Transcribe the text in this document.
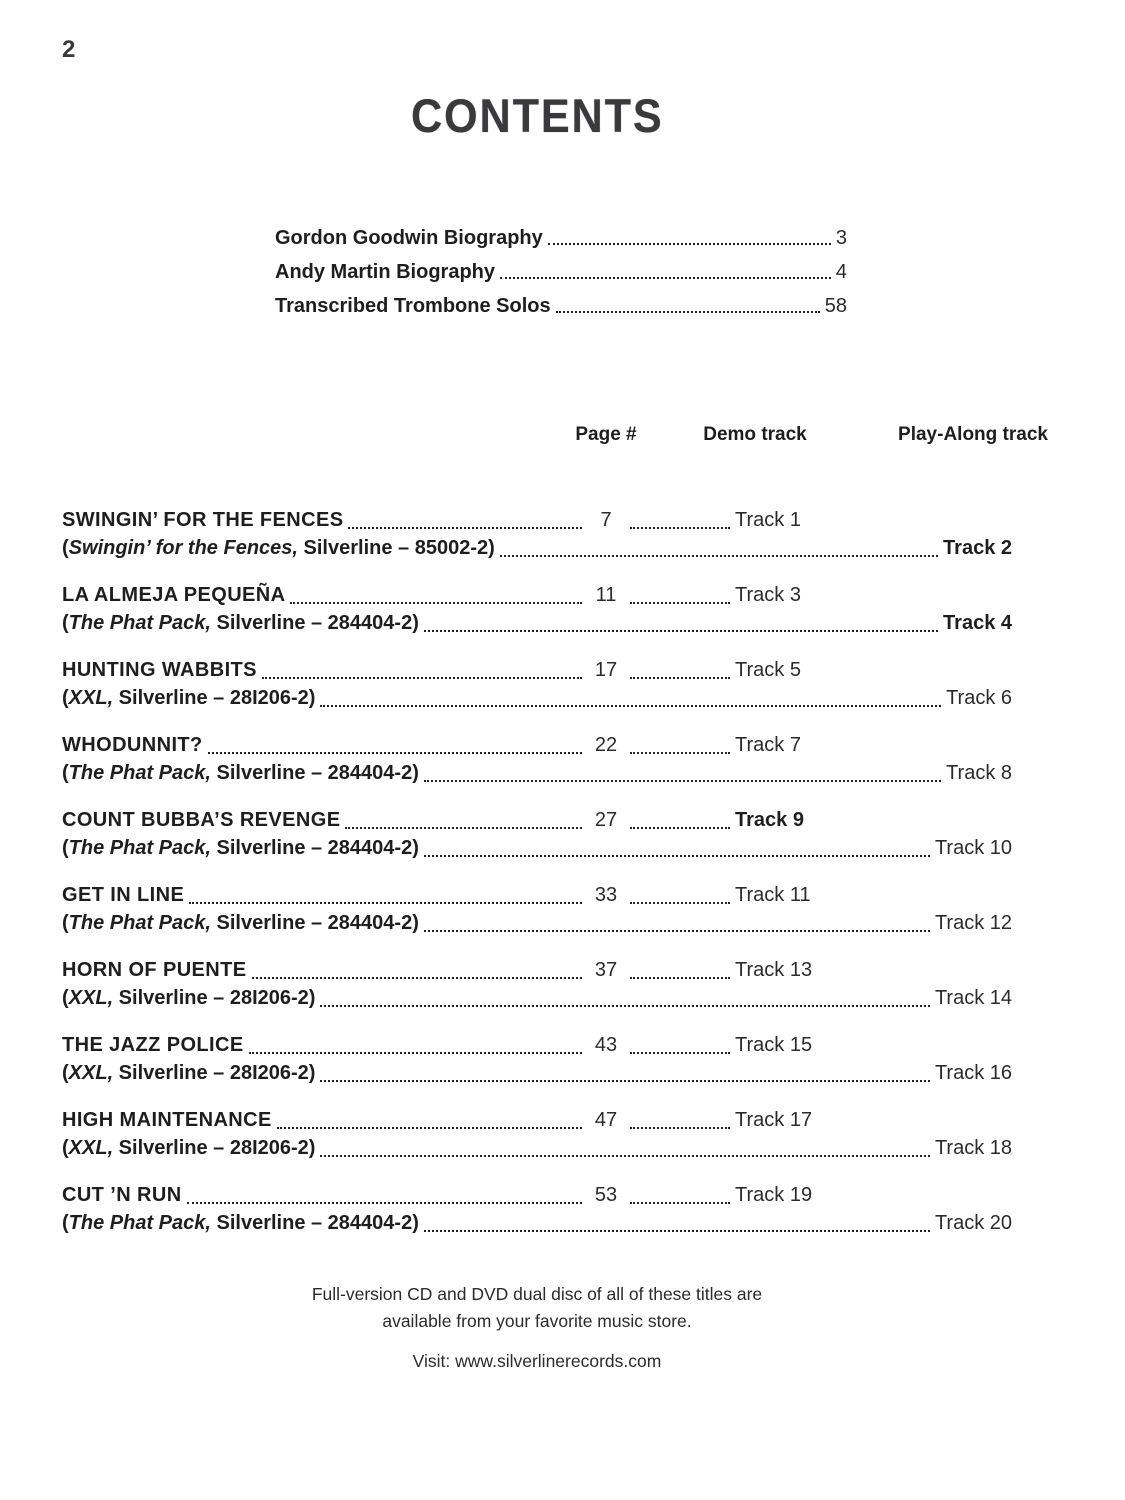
2
CONTENTS
Gordon Goodwin Biography	3
Andy Martin Biography	4
Transcribed Trombone Solos	58
Page #	Demo track	Play-Along track
SWINGIN’ FOR THE FENCES	7	Track 1
(Swingin’ for the Fences, Silverline – 85002-2)	Track 2
LA ALMEJA PEQUEÑA	11	Track 3
(The Phat Pack, Silverline – 284404-2)	Track 4
HUNTING WABBITS	17	Track 5
(XXL, Silverline – 28I206-2)	Track 6
WHODUNNIT?	22	Track 7
(The Phat Pack, Silverline – 284404-2)	Track 8
COUNT BUBBA’S REVENGE	27	Track 9
(The Phat Pack, Silverline – 284404-2)	Track 10
GET IN LINE	33	Track 11
(The Phat Pack, Silverline – 284404-2)	Track 12
HORN OF PUENTE	37	Track 13
(XXL, Silverline – 28I206-2)	Track 14
THE JAZZ POLICE	43	Track 15
(XXL, Silverline – 28I206-2)	Track 16
HIGH MAINTENANCE	47	Track 17
(XXL, Silverline – 28I206-2)	Track 18
CUT ’N RUN	53	Track 19
(The Phat Pack, Silverline – 284404-2)	Track 20
Full-version CD and DVD dual disc of all of these titles are
available from your favorite music store.
Visit: www.silverlinerecords.com
